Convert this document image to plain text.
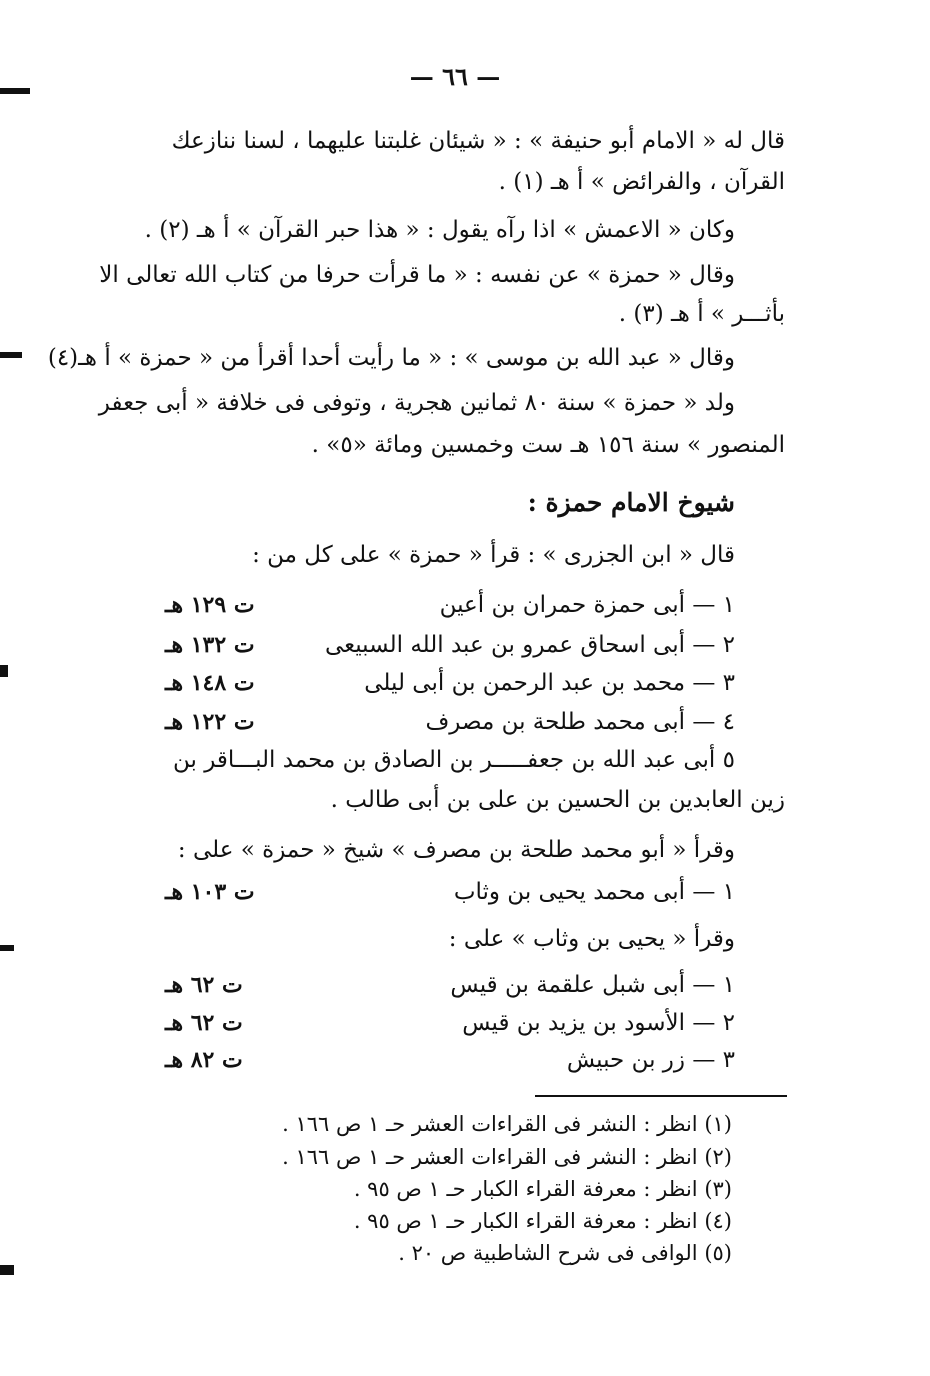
— ٦٦ —
قال له « الامام أبو حنيفة » : « شيئان غلبتنا عليهما ، لسنا ننازعك
القرآن ، والفرائض » أ هـ (١) .
وكان « الاعمش » اذا رآه يقول : « هذا حبر القرآن » أ هـ (٢) .
وقال « حمزة » عن نفسه : « ما قرأت حرفا من كتاب الله تعالى الا
بأثـــر » أ هـ (٣) .
وقال « عبد الله بن موسى » : « ما رأيت أحدا أقرأ من « حمزة » أ هـ(٤)
ولد « حمزة » سنة ٨٠ ثمانين هجرية ، وتوفى فى خلافة « أبى جعفر
المنصور » سنة ١٥٦ هـ ست وخمسين ومائة «٥» .
شيوخ الامام حمزة :
قال « ابن الجزرى » : قرأ « حمزة » على كل من :
١ — أبى حمزة حمران بن أعين
ت ١٢٩ هـ
٢ — أبى اسحاق عمرو بن عبد الله السبيعى
ت ١٣٢ هـ
٣ — محمد بن عبد الرحمن بن أبى ليلى
ت ١٤٨ هـ
٤ — أبى محمد طلحة بن مصرف
ت ١٢٢ هـ
٥ أبى عبد الله بن جعفـــــر بن الصادق بن محمد البـــاقر بن
زين العابدين بن الحسين بن على بن أبى طالب .
وقرأ « أبو محمد طلحة بن مصرف » شيخ « حمزة » على :
١ — أبى محمد يحيى بن وثاب
ت ١٠٣ هـ
وقرأ « يحيى بن وثاب » على :
١ — أبى شبل علقمة بن قيس
ت ٦٢ هـ
٢ — الأسود بن يزيد بن قيس
ت ٦٢ هـ
٣ — زر بن حبيش
ت ٨٢ هـ
(١) انظر : النشر فى القراءات العشر حـ ١ ص ١٦٦ .
(٢) انظر : النشر فى القراءات العشر حـ ١ ص ١٦٦ .
(٣) انظر : معرفة القراء الكبار حـ ١ ص ٩٥ .
(٤) انظر : معرفة القراء الكبار حـ ١ ص ٩٥ .
(٥) الوافى فى شرح الشاطبية ص ٢٠ .
